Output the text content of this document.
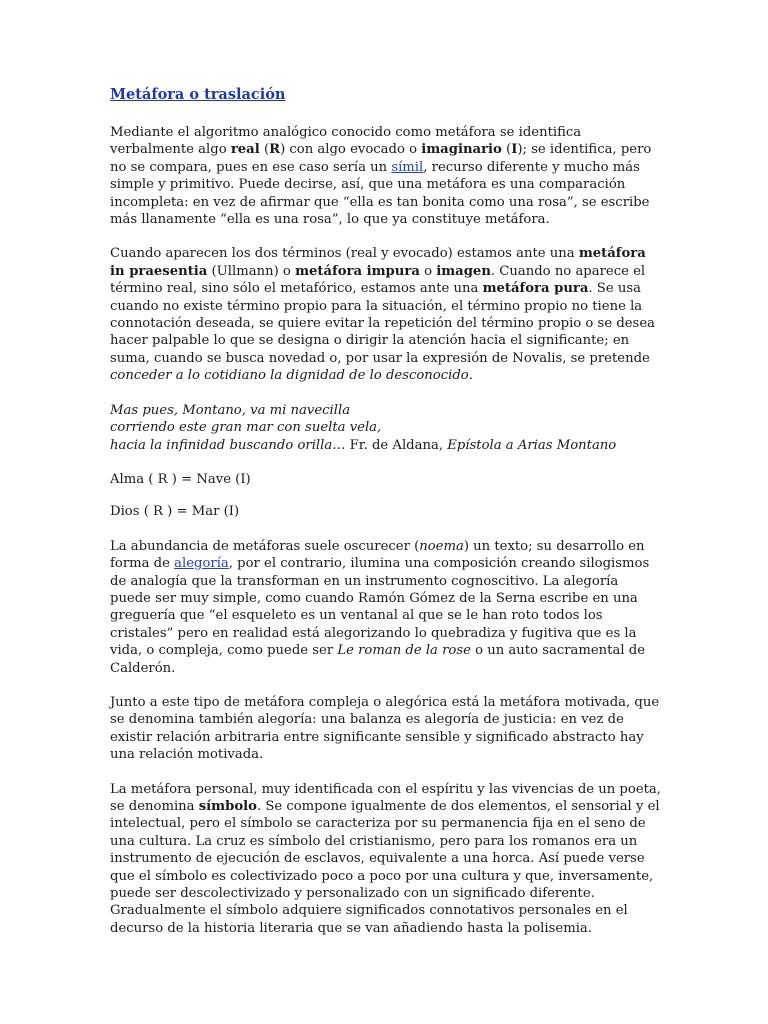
Metáfora o traslación

Mediante el algoritmo analógico conocido como metáfora se identifica verbalmente algo real (R) con algo evocado o imaginario (I); se identifica, pero no se compara, pues en ese caso sería un símil, recurso diferente y mucho más simple y primitivo. Puede decirse, así, que una metáfora es una comparación incompleta: en vez de afirmar que “ella es tan bonita como una rosa”, se escribe más llanamente “ella es una rosa”, lo que ya constituye metáfora.

Cuando aparecen los dos términos (real y evocado) estamos ante una metáfora in praesentia (Ullmann) o metáfora impura o imagen. Cuando no aparece el término real, sino sólo el metafórico, estamos ante una metáfora pura. Se usa cuando no existe término propio para la situación, el término propio no tiene la connotación deseada, se quiere evitar la repetición del término propio o se desea hacer palpable lo que se designa o dirigir la atención hacia el significante; en suma, cuando se busca novedad o, por usar la expresión de Novalis, se pretende conceder a lo cotidiano la dignidad de lo desconocido.

Mas pues, Montano, va mi navecilla
corriendo este gran mar con suelta vela,
hacia la infinidad buscando orilla… Fr. de Aldana, Epístola a Arias Montano

Alma ( R ) = Nave (I)

Dios ( R ) = Mar (I)

La abundancia de metáforas suele oscurecer (noema) un texto; su desarrollo en forma de alegoría, por el contrario, ilumina una composición creando silogismos de analogía que la transforman en un instrumento cognoscitivo. La alegoría puede ser muy simple, como cuando Ramón Gómez de la Serna escribe en una greguería que “el esqueleto es un ventanal al que se le han roto todos los cristales” pero en realidad está alegorizando lo quebradiza y fugitiva que es la vida, o compleja, como puede ser Le roman de la rose o un auto sacramental de Calderón.

Junto a este tipo de metáfora compleja o alegórica está la metáfora motivada, que se denomina también alegoría: una balanza es alegoría de justicia: en vez de existir relación arbitraria entre significante sensible y significado abstracto hay una relación motivada.

La metáfora personal, muy identificada con el espíritu y las vivencias de un poeta, se denomina símbolo. Se compone igualmente de dos elementos, el sensorial y el intelectual, pero el símbolo se caracteriza por su permanencia fija en el seno de una cultura. La cruz es símbolo del cristianismo, pero para los romanos era un instrumento de ejecución de esclavos, equivalente a una horca. Así puede verse que el símbolo es colectivizado poco a poco por una cultura y que, inversamente, puede ser descolectivizado y personalizado con un significado diferente. Gradualmente el símbolo adquiere significados connotativos personales en el decurso de la historia literaria que se van añadiendo hasta la polisemia.
